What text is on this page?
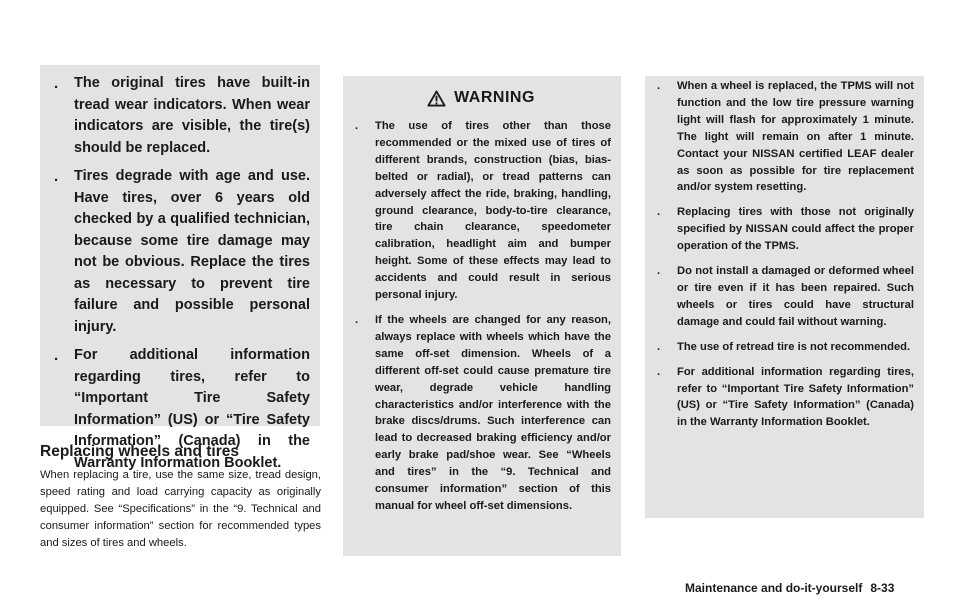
. The original tires have built-in tread wear indicators. When wear indicators are visible, the tire(s) should be replaced.
. Tires degrade with age and use. Have tires, over 6 years old checked by a qualified technician, because some tire damage may not be obvious. Replace the tires as necessary to prevent tire failure and possible personal injury.
. For additional information regarding tires, refer to “Important Tire Safety Information” (US) or “Tire Safety Information” (Canada) in the Warranty Information Booklet.
Replacing wheels and tires

When replacing a tire, use the same size, tread design, speed rating and load carrying capacity as originally equipped. See “Specifications” in the “9. Technical and consumer information” section for recommended types and sizes of tires and wheels.

WARNING
. The use of tires other than those recommended or the mixed use of tires of different brands, construction (bias, bias-belted or radial), or tread patterns can adversely affect the ride, braking, handling, ground clearance, body-to-tire clearance, tire chain clearance, speedometer calibration, headlight aim and bumper height. Some of these effects may lead to accidents and could result in serious personal injury.
. If the wheels are changed for any reason, always replace with wheels which have the same off-set dimension. Wheels of a different off-set could cause premature tire wear, degrade vehicle handling characteristics and/or interference with the brake discs/drums. Such interference can lead to decreased braking efficiency and/or early brake pad/shoe wear. See “Wheels and tires” in the “9. Technical and consumer information” section of this manual for wheel off-set dimensions.
. When a wheel is replaced, the TPMS will not function and the low tire pressure warning light will flash for approximately 1 minute. The light will remain on after 1 minute. Contact your NISSAN certified LEAF dealer as soon as possible for tire replacement and/or system resetting.
. Replacing tires with those not originally specified by NISSAN could affect the proper operation of the TPMS.
. Do not install a damaged or deformed wheel or tire even if it has been repaired. Such wheels or tires could have structural damage and could fail without warning.
. The use of retread tire is not recommended.
. For additional information regarding tires, refer to “Important Tire Safety Information” (US) or “Tire Safety Information” (Canada) in the Warranty Information Booklet.
Maintenance and do-it-yourself 8-33
